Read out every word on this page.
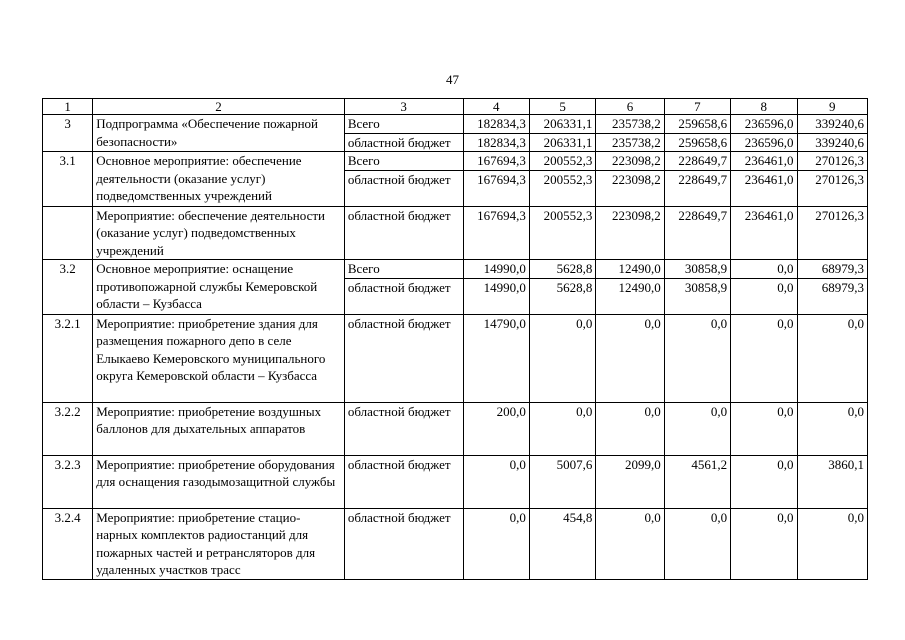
47
1	2	3	4	5	6	7	8	9
3	Подпрограмма «Обеспечение пожарной безопасности»	Всего	182834,3	206331,1	235738,2	259658,6	236596,0	339240,6
		областной бюджет	182834,3	206331,1	235738,2	259658,6	236596,0	339240,6
3.1	Основное мероприятие: обеспечение деятельности (оказание услуг) подведомственных учреждений	Всего	167694,3	200552,3	223098,2	228649,7	236461,0	270126,3
		областной бюджет	167694,3	200552,3	223098,2	228649,7	236461,0	270126,3
	Мероприятие: обеспечение деятельности (оказание услуг) подведомственных учреждений	областной бюджет	167694,3	200552,3	223098,2	228649,7	236461,0	270126,3
3.2	Основное мероприятие: оснащение противопожарной службы Кемеровской области – Кузбасса	Всего	14990,0	5628,8	12490,0	30858,9	0,0	68979,3
		областной бюджет	14990,0	5628,8	12490,0	30858,9	0,0	68979,3
3.2.1	Мероприятие: приобретение здания для размещения пожарного депо в селе Елыкаево Кемеровского муниципального округа Кемеровской области – Кузбасса	областной бюджет	14790,0	0,0	0,0	0,0	0,0	0,0
3.2.2	Мероприятие: приобретение воздушных баллонов для дыхательных аппаратов	областной бюджет	200,0	0,0	0,0	0,0	0,0	0,0
3.2.3	Мероприятие: приобретение оборудования для оснащения газодымозащитной службы	областной бюджет	0,0	5007,6	2099,0	4561,2	0,0	3860,1
3.2.4	Мероприятие: приобретение стацио-нарных комплектов радиостанций для пожарных частей и ретрансляторов для удаленных участков трасс	областной бюджет	0,0	454,8	0,0	0,0	0,0	0,0
